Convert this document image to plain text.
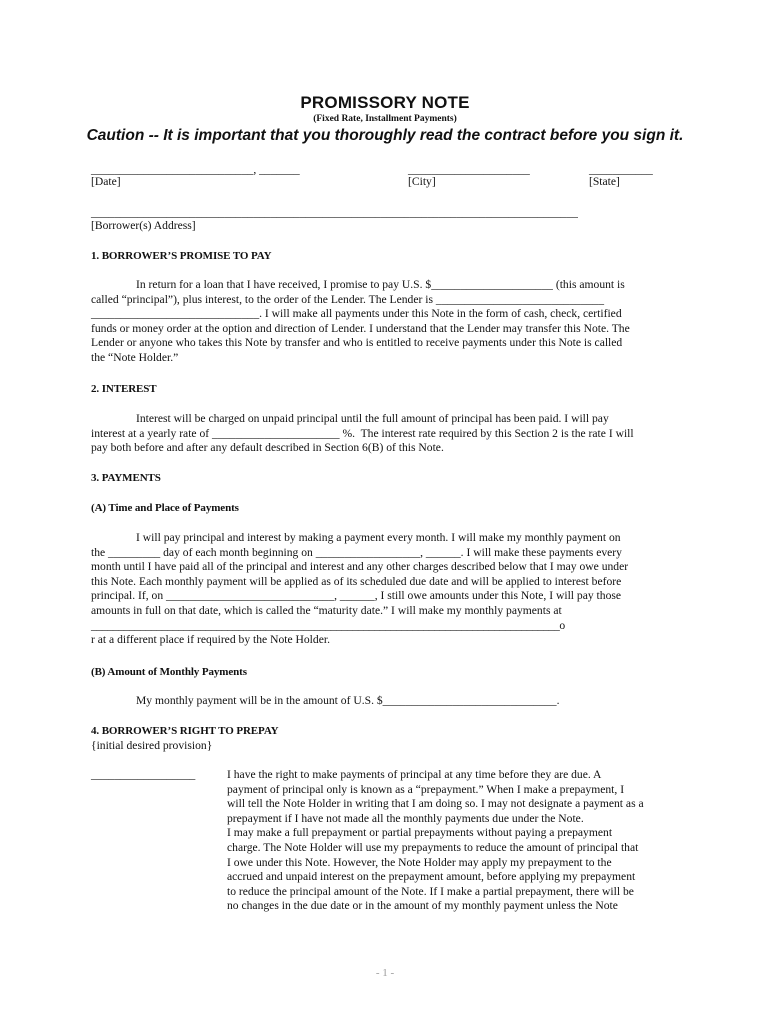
PROMISSORY NOTE
(Fixed Rate, Installment Payments)
Caution -- It is important that you thoroughly read the contract before you sign it.
____________________________, _______	_____________________	___________
[Date]	[City]	[State]
____________________________________________________________________________________
[Borrower(s) Address]
1. BORROWER’S PROMISE TO PAY
In return for a loan that I have received, I promise to pay U.S. $_____________________ (this amount is
called “principal”), plus interest, to the order of the Lender. The Lender is _____________________________
_____________________________. I will make all payments under this Note in the form of cash, check, certified
funds or money order at the option and direction of Lender. I understand that the Lender may transfer this Note. The
Lender or anyone who takes this Note by transfer and who is entitled to receive payments under this Note is called
the “Note Holder.”
2. INTEREST
Interest will be charged on unpaid principal until the full amount of principal has been paid. I will pay
interest at a yearly rate of ______________________ %.  The interest rate required by this Section 2 is the rate I will
pay both before and after any default described in Section 6(B) of this Note.
3. PAYMENTS
(A) Time and Place of Payments
I will pay principal and interest by making a payment every month. I will make my monthly payment on
the _________ day of each month beginning on __________________, ______. I will make these payments every
month until I have paid all of the principal and interest and any other charges described below that I may owe under
this Note. Each monthly payment will be applied as of its scheduled due date and will be applied to interest before
principal. If, on _____________________________, ______, I still owe amounts under this Note, I will pay those
amounts in full on that date, which is called the “maturity date.” I will make my monthly payments at
______________________________________________________________________________________o
r at a different place if required by the Note Holder.
(B) Amount of Monthly Payments
My monthly payment will be in the amount of U.S. $______________________________.
4. BORROWER’S RIGHT TO PREPAY
{initial desired provision}
__________________	I have the right to make payments of principal at any time before they are due. A
payment of principal only is known as a “prepayment.” When I make a prepayment, I
will tell the Note Holder in writing that I am doing so. I may not designate a payment as a
prepayment if I have not made all the monthly payments due under the Note.
I may make a full prepayment or partial prepayments without paying a prepayment
charge. The Note Holder will use my prepayments to reduce the amount of principal that
I owe under this Note. However, the Note Holder may apply my prepayment to the
accrued and unpaid interest on the prepayment amount, before applying my prepayment
to reduce the principal amount of the Note. If I make a partial prepayment, there will be
no changes in the due date or in the amount of my monthly payment unless the Note
- 1 -
